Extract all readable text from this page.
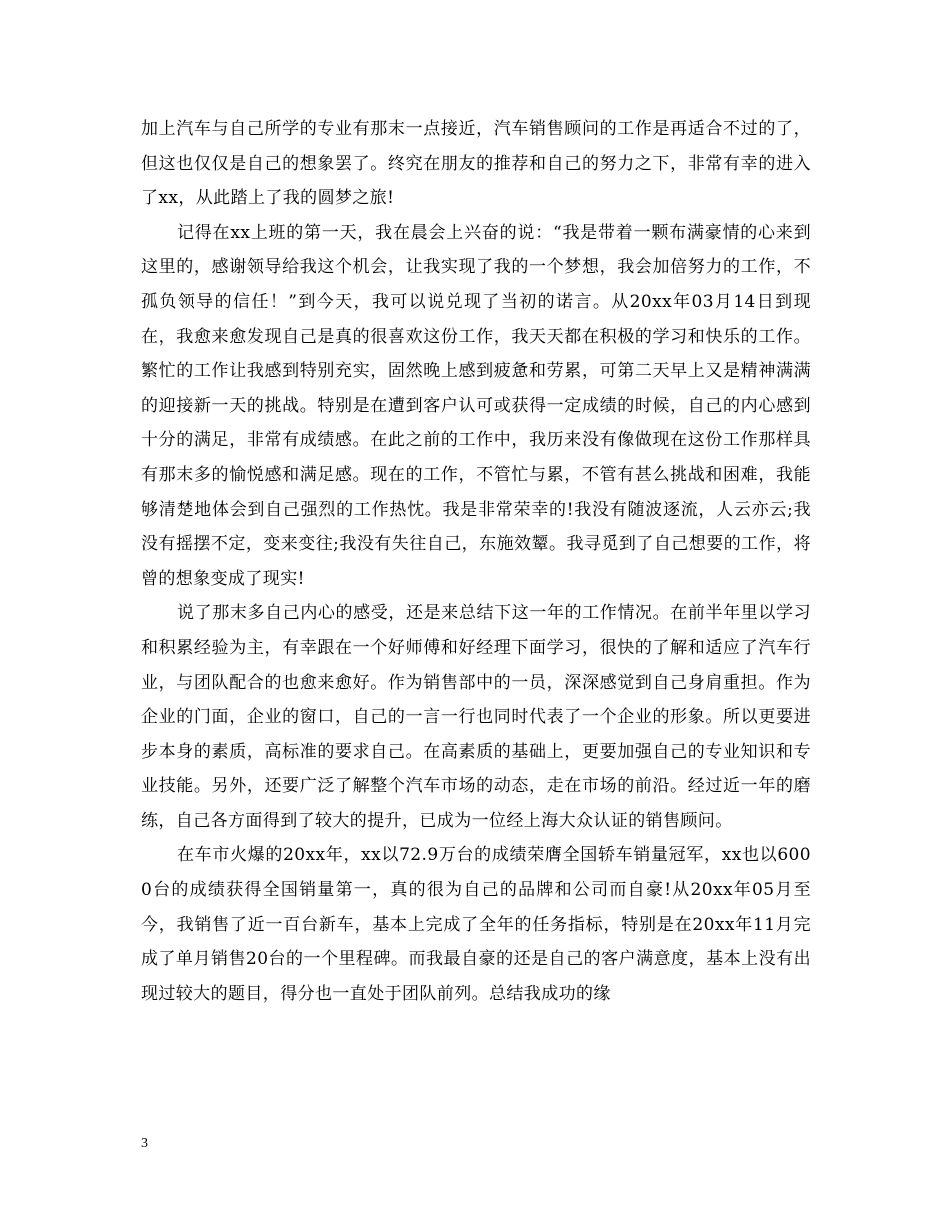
加上汽车与自己所学的专业有那末一点接近，汽车销售顾问的工作是再适合不过的了，但这也仅仅是自己的想象罢了。终究在朋友的推荐和自己的努力之下，非常有幸的进入了xx，从此踏上了我的圆梦之旅!

记得在xx上班的第一天，我在晨会上兴奋的说：“我是带着一颗布满豪情的心来到这里的，感谢领导给我这个机会，让我实现了我的一个梦想，我会加倍努力的工作，不孤负领导的信任！”到今天，我可以说兑现了当初的诺言。从20xx年03月14日到现在，我愈来愈发现自己是真的很喜欢这份工作，我天天都在积极的学习和快乐的工作。繁忙的工作让我感到特别充实，固然晚上感到疲惫和劳累，可第二天早上又是精神满满的迎接新一天的挑战。特别是在遭到客户认可或获得一定成绩的时候，自己的内心感到十分的满足，非常有成绩感。在此之前的工作中，我历来没有像做现在这份工作那样具有那末多的愉悦感和满足感。现在的工作，不管忙与累，不管有甚么挑战和困难，我能够清楚地体会到自己强烈的工作热忱。我是非常荣幸的!我没有随波逐流，人云亦云;我没有摇摆不定，变来变往;我没有失往自己，东施效颦。我寻觅到了自己想要的工作，将曾的想象变成了现实!

说了那末多自己内心的感受，还是来总结下这一年的工作情况。在前半年里以学习和积累经验为主，有幸跟在一个好师傅和好经理下面学习，很快的了解和适应了汽车行业，与团队配合的也愈来愈好。作为销售部中的一员，深深感觉到自己身肩重担。作为企业的门面，企业的窗口，自己的一言一行也同时代表了一个企业的形象。所以更要进步本身的素质，高标准的要求自己。在高素质的基础上，更要加强自己的专业知识和专业技能。另外，还要广泛了解整个汽车市场的动态，走在市场的前沿。经过近一年的磨练，自己各方面得到了较大的提升，已成为一位经上海大众认证的销售顾问。

在车市火爆的20xx年，xx以72.9万台的成绩荣膺全国轿车销量冠军，xx也以6000台的成绩获得全国销量第一，真的很为自己的品牌和公司而自豪!从20xx年05月至今，我销售了近一百台新车，基本上完成了全年的任务指标，特别是在20xx年11月完成了单月销售20台的一个里程碑。而我最自豪的还是自己的客户满意度，基本上没有出现过较大的题目，得分也一直处于团队前列。总结我成功的缘

3
